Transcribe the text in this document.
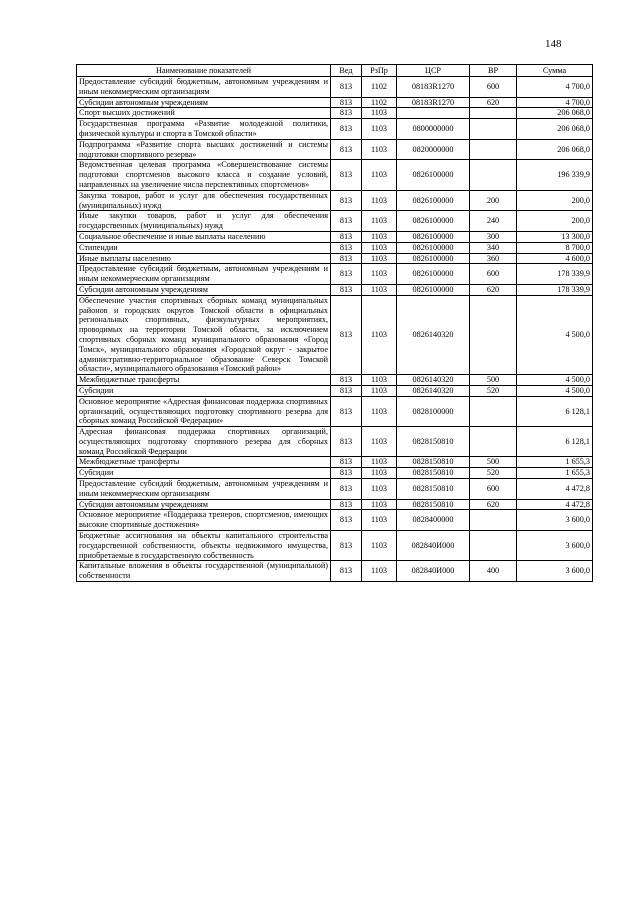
148
Наименование показателей	Вед	РзПр	ЦСР	ВР	Сумма
Предоставление субсидий бюджетным, автономным учреждениям и иным некоммерческим организациям	813	1102	08183R1270	600	4 700,0
Субсидии автономным учреждениям	813	1102	08183R1270	620	4 700,0
Спорт высших достижений	813	1103			206 068,0
Государственная программа «Развитие молодежной политики, физической культуры и спорта в Томской области»	813	1103	0800000000		206 068,0
Подпрограмма «Развитие спорта высших достижений и системы подготовки спортивного резерва»	813	1103	0820000000		206 068,0
Ведомственная целевая программа «Совершенствование системы подготовки спортсменов высокого класса и создание условий, направленных на увеличение числа перспективных спортсменов»	813	1103	0826100000		196 339,9
Закупка товаров, работ и услуг для обеспечения государственных (муниципальных) нужд	813	1103	0826100000	200	200,0
Иные закупки товаров, работ и услуг для обеспечения государственных (муниципальных) нужд	813	1103	0826100000	240	200,0
Социальное обеспечение и иные выплаты населению	813	1103	0826100000	300	13 300,0
Стипендии	813	1103	0826100000	340	8 700,0
Иные выплаты населению	813	1103	0826100000	360	4 600,0
Предоставление субсидий бюджетным, автономным учреждениям и иным некоммерческим организациям	813	1103	0826100000	600	178 339,9
Субсидии автономным учреждениям	813	1103	0826100000	620	178 339,9
Обеспечение участия спортивных сборных команд муниципальных районов и городских округов Томской области в официальных региональных спортивных, физкультурных мероприятиях, проводимых на территории Томской области, за исключением спортивных сборных команд муниципального образования «Город Томск», муниципального образования «Городской округ - закрытое административно-территориальное образование Северск Томской области», муниципального образования «Томский район»	813	1103	0826140320		4 500,0
Межбюджетные трансферты	813	1103	0826140320	500	4 500,0
Субсидии	813	1103	0826140320	520	4 500,0
Основное мероприятие «Адресная финансовая поддержка спортивных организаций, осуществляющих подготовку спортивного резерва для сборных команд Российской Федерации»	813	1103	0828100000		6 128,1
Адресная финансовая поддержка спортивных организаций, осуществляющих подготовку спортивного резерва для сборных команд Российской Федерации	813	1103	0828150810		6 128,1
Межбюджетные трансферты	813	1103	0828150810	500	1 655,3
Субсидии	813	1103	0828150810	520	1 655,3
Предоставление субсидий бюджетным, автономным учреждениям и иным некоммерческим организациям	813	1103	0828150810	600	4 472,8
Субсидии автономным учреждениям	813	1103	0828150810	620	4 472,8
Основное мероприятие «Поддержка тренеров, спортсменов, имеющих высокие спортивные достижения»	813	1103	0828400000		3 600,0
Бюджетные ассигнования на объекты капитального строительства государственной собственности, объекты недвижимого имущества, приобретаемые в государственную собственность	813	1103	082840И000		3 600,0
Капитальные вложения в объекты государственной (муниципальной) собственности	813	1103	082840И000	400	3 600,0
